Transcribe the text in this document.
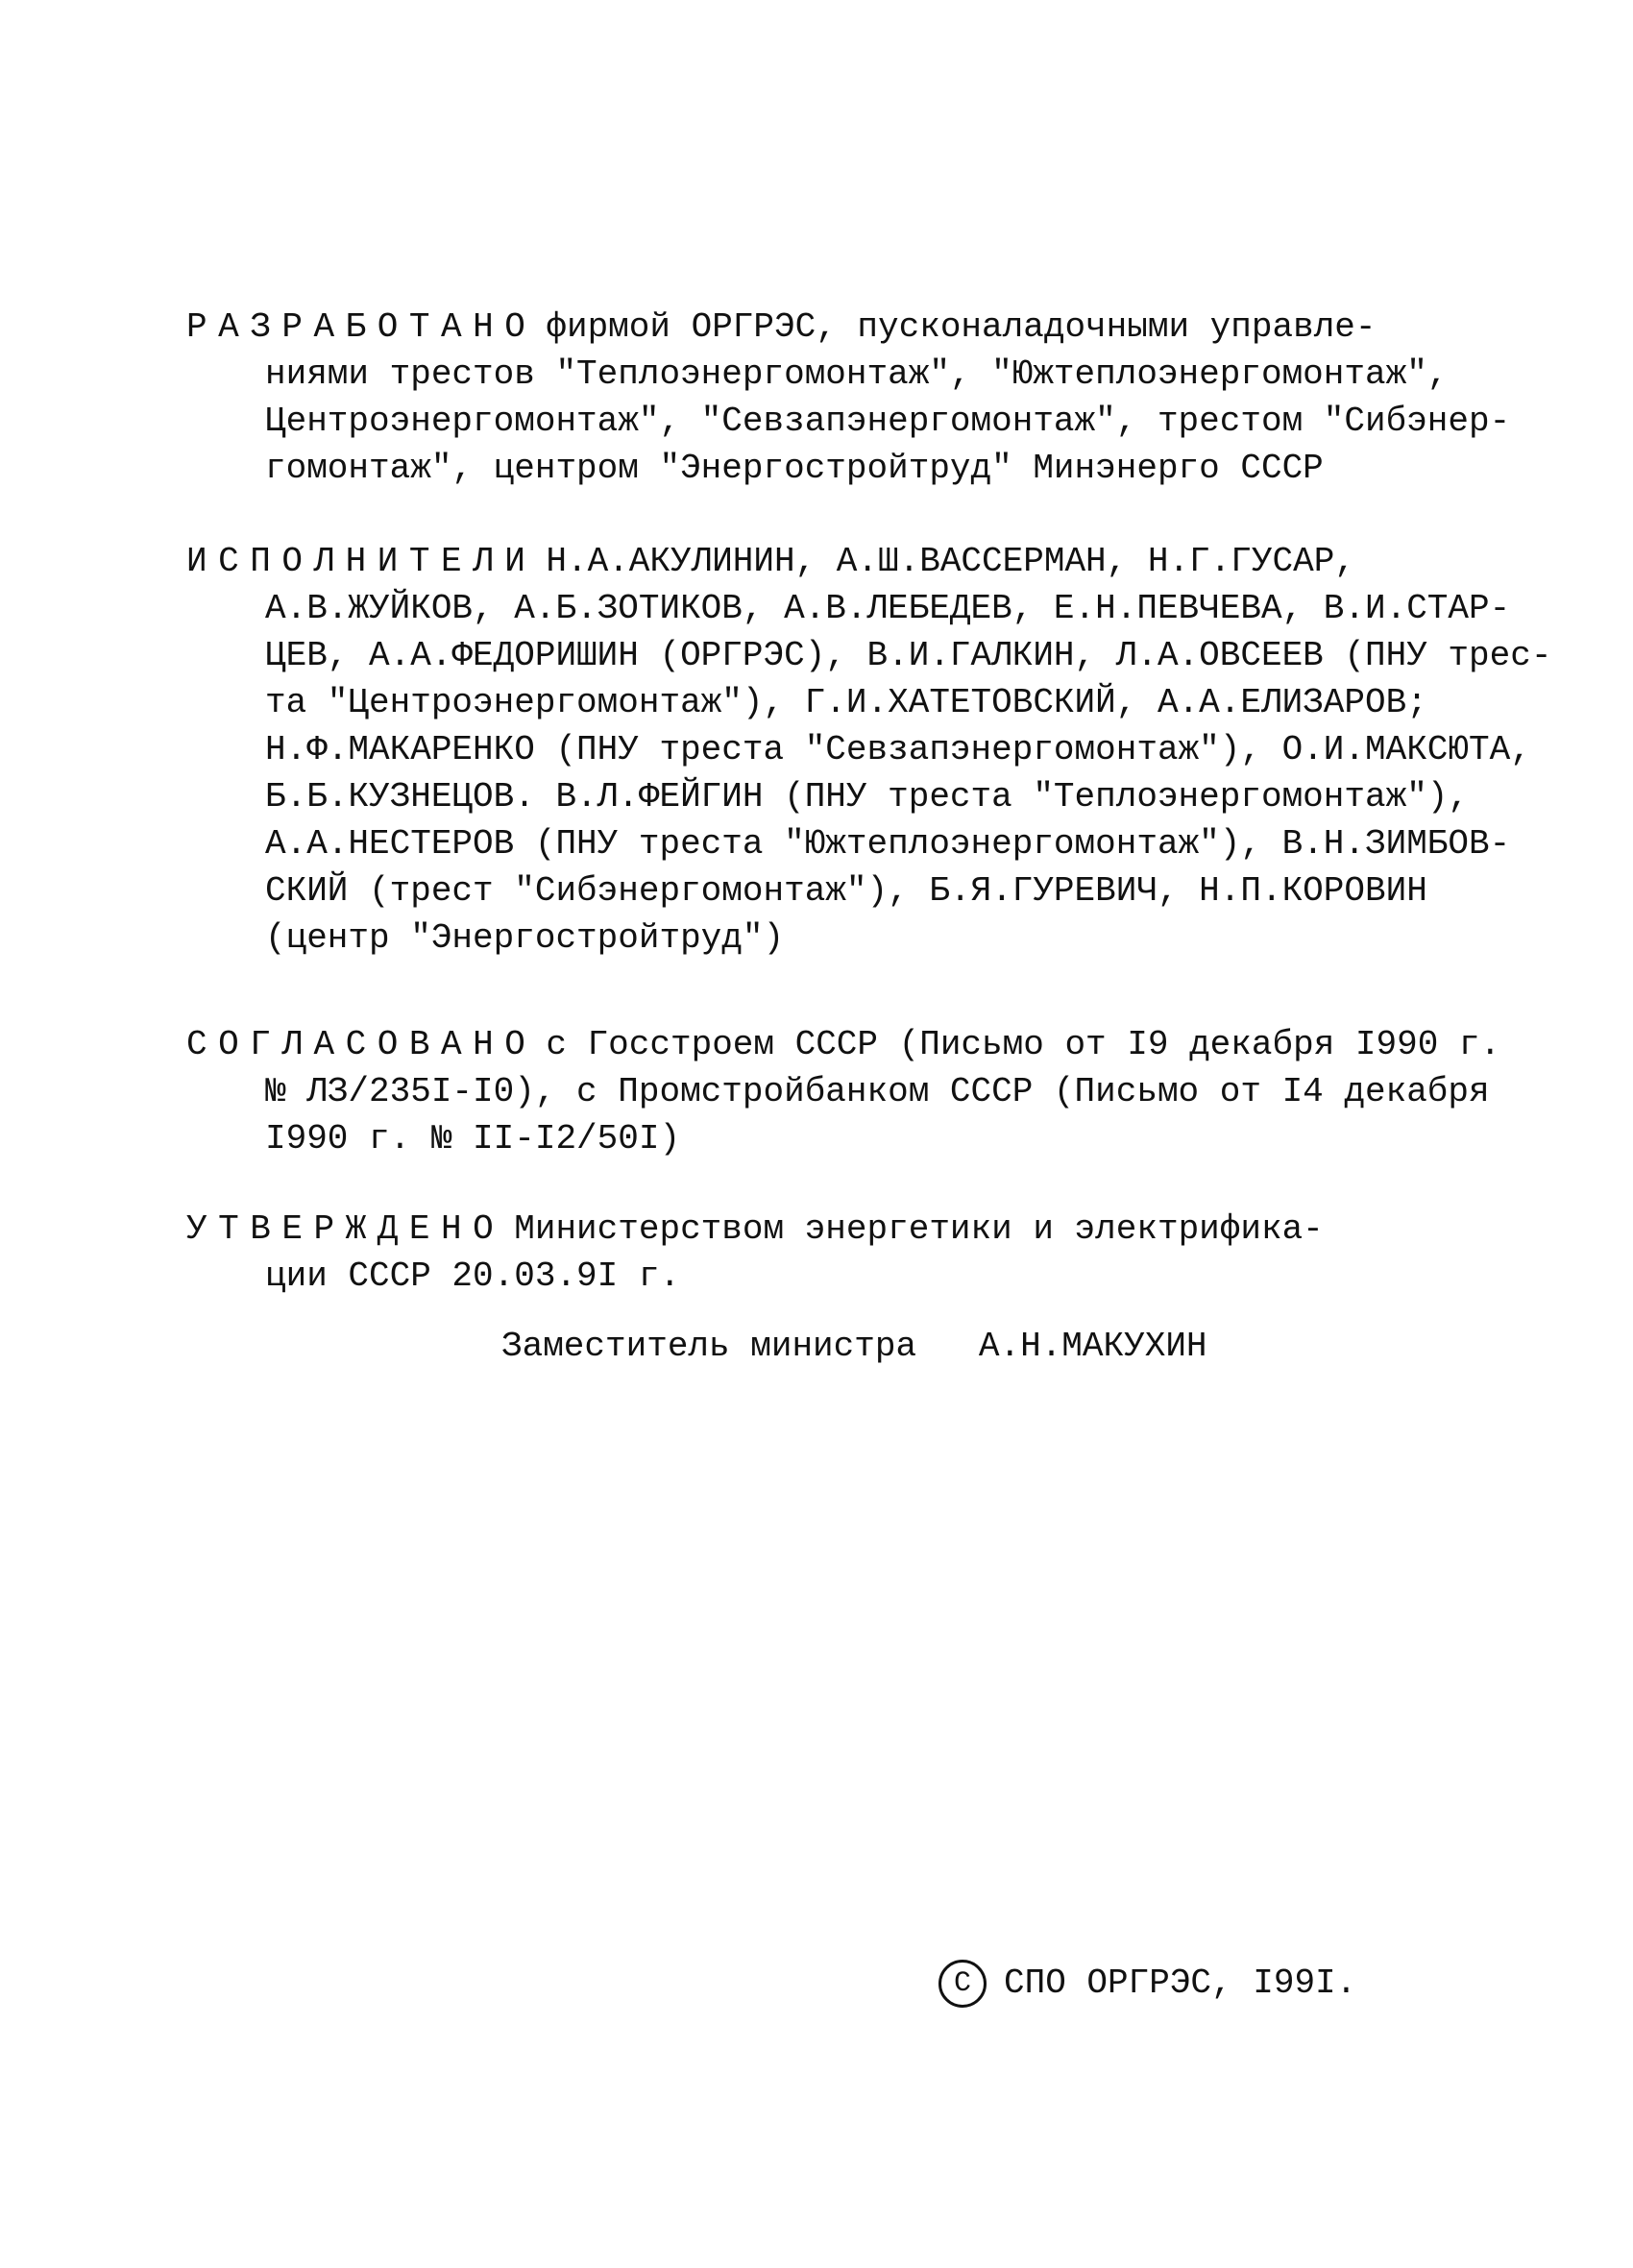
РАЗРАБОТАНО фирмой ОРГРЭС, пусконаладочными управле-
ниями трестов "Теплоэнергомонтаж", "Южтеплоэнергомонтаж",
Центроэнергомонтаж", "Севзапэнергомонтаж", трестом "Сибэнер-
гомонтаж", центром "Энергостройтруд" Минэнерго СССР
ИСПОЛНИТЕЛИ Н.А.АКУЛИНИН, А.Ш.ВАССЕРМАН, Н.Г.ГУСАР,
А.В.ЖУЙКОВ, А.Б.ЗОТИКОВ, А.В.ЛЕБЕДЕВ, Е.Н.ПЕВЧЕВА, В.И.СТАР-
ЦЕВ, А.А.ФЕДОРИШИН (ОРГРЭС), В.И.ГАЛКИН, Л.А.ОВСЕЕВ (ПНУ трес-
та "Центроэнергомонтаж"), Г.И.ХАТЕТОВСКИЙ, А.А.ЕЛИЗАРОВ;
Н.Ф.МАКАРЕНКО (ПНУ треста "Севзапэнергомонтаж"), О.И.МАКСЮТА,
Б.Б.КУЗНЕЦОВ. В.Л.ФЕЙГИН (ПНУ треста "Теплоэнергомонтаж"),
А.А.НЕСТЕРОВ (ПНУ треста "Южтеплоэнергомонтаж"), В.Н.ЗИМБОВ-
СКИЙ (трест "Сибэнергомонтаж"), Б.Я.ГУРЕВИЧ, Н.П.КОРОВИН
(центр "Энергостройтруд")
СОГЛАСОВАНО с Госстроем СССР (Письмо от I9 декабря I990 г.
№ ЛЗ/235I-I0), с Промстройбанком СССР (Письмо от I4 декабря
I990 г. № II-I2/50I)
УТВЕРЖДЕНО Министерством энергетики и электрифика-
ции СССР 20.03.9I г.
Заместитель министра А.Н.МАКУХИН
C СПО ОРГРЭС, I99I.
